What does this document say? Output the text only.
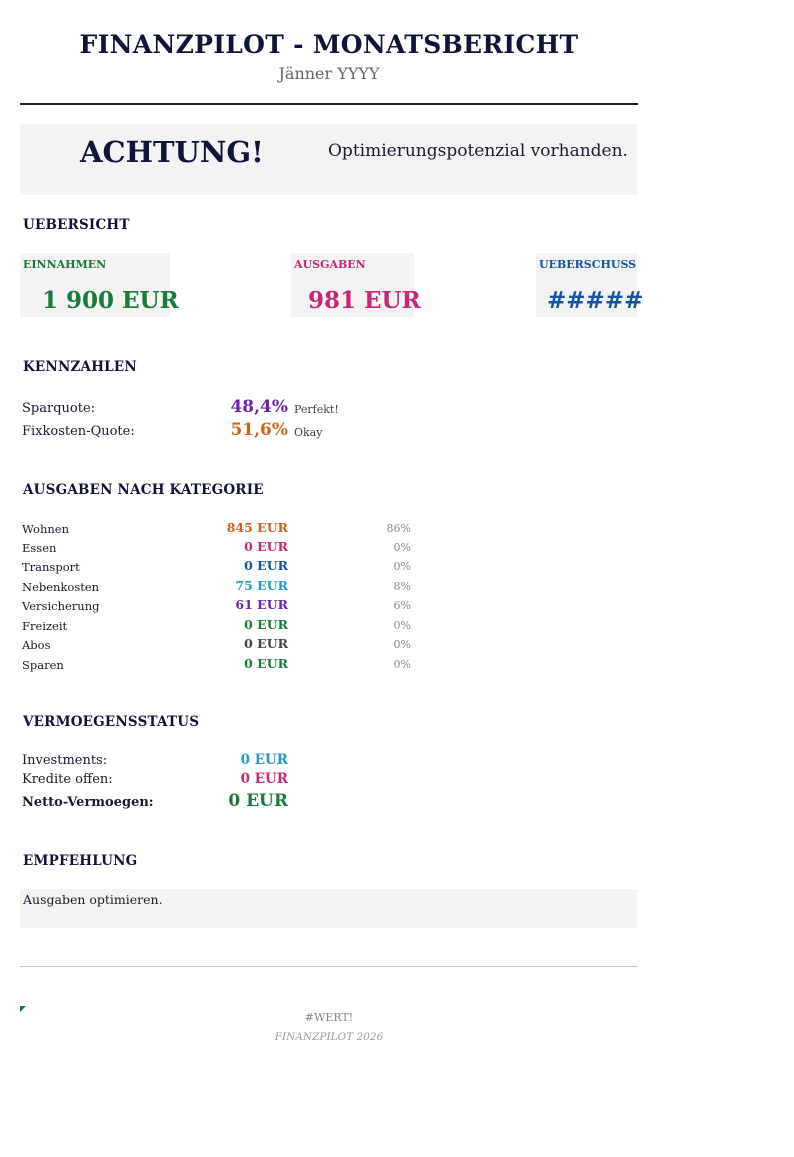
FINANZPILOT - MONATSBERICHT
Jänner YYYY
ACHTUNG!	Optimierungspotenzial vorhanden.
UEBERSICHT
EINNAHMEN
1 900 EUR
AUSGABEN
981 EUR
UEBERSCHUSS
#####
KENNZAHLEN
Sparquote:	48,4% Perfekt!
Fixkosten-Quote:	51,6% Okay
AUSGABEN NACH KATEGORIE
Wohnen	845 EUR	86%
Essen	0 EUR	0%
Transport	0 EUR	0%
Nebenkosten	75 EUR	8%
Versicherung	61 EUR	6%
Freizeit	0 EUR	0%
Abos	0 EUR	0%
Sparen	0 EUR	0%
VERMOEGENSSTATUS
Investments:	0 EUR
Kredite offen:	0 EUR
Netto-Vermoegen:	0 EUR
EMPFEHLUNG
Ausgaben optimieren.
#WERT!
FINANZPILOT 2026
